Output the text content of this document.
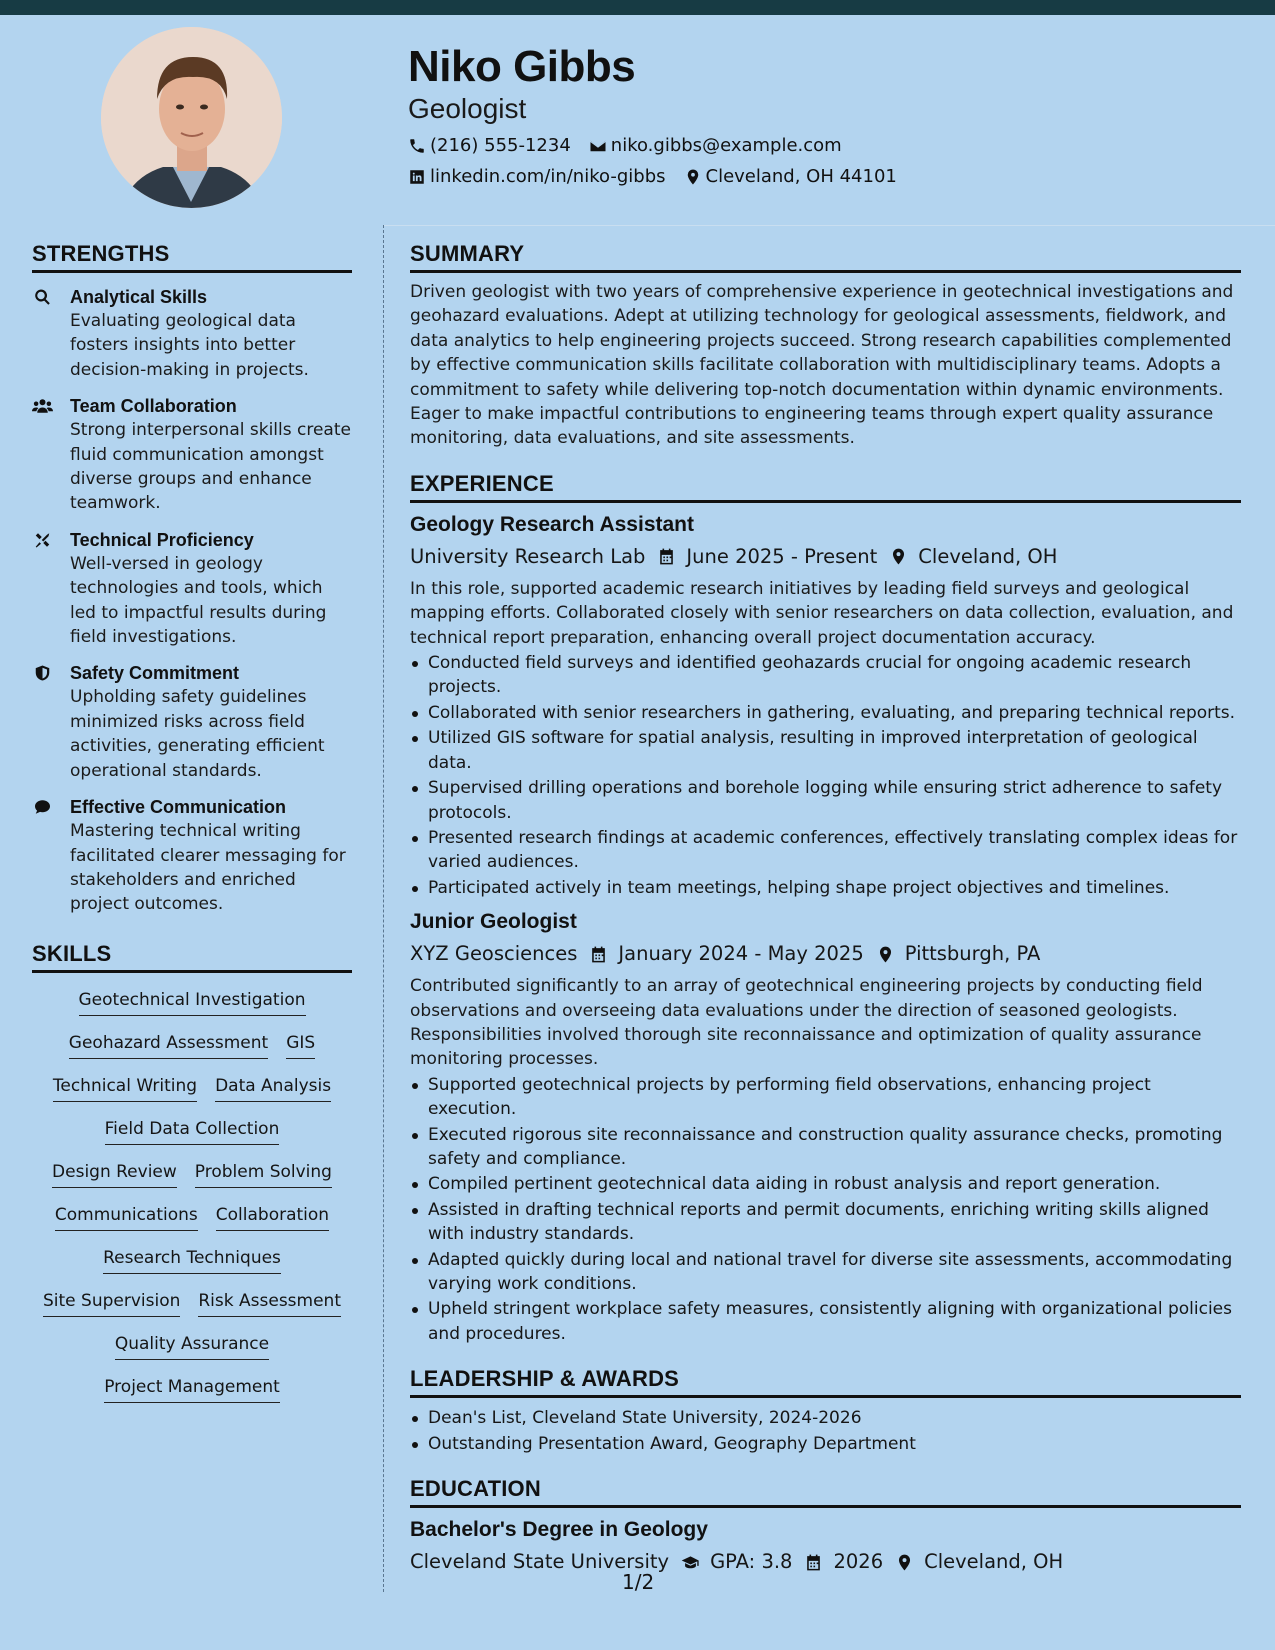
Niko Gibbs
Geologist
(216) 555-1234 niko.gibbs@example.com
linkedin.com/in/niko-gibbs Cleveland, OH 44101
STRENGTHS
Analytical Skills
Evaluating geological data fosters insights into better decision-making in projects.
Team Collaboration
Strong interpersonal skills create fluid communication amongst diverse groups and enhance teamwork.
Technical Proficiency
Well-versed in geology technologies and tools, which led to impactful results during field investigations.
Safety Commitment
Upholding safety guidelines minimized risks across field activities, generating efficient operational standards.
Effective Communication
Mastering technical writing facilitated clearer messaging for stakeholders and enriched project outcomes.
SKILLS
Geotechnical Investigation
Geohazard Assessment GIS
Technical Writing Data Analysis
Field Data Collection
Design Review Problem Solving
Communications Collaboration
Research Techniques
Site Supervision Risk Assessment
Quality Assurance
Project Management
SUMMARY
Driven geologist with two years of comprehensive experience in geotechnical investigations and geohazard evaluations. Adept at utilizing technology for geological assessments, fieldwork, and data analytics to help engineering projects succeed. Strong research capabilities complemented by effective communication skills facilitate collaboration with multidisciplinary teams. Adopts a commitment to safety while delivering top-notch documentation within dynamic environments. Eager to make impactful contributions to engineering teams through expert quality assurance monitoring, data evaluations, and site assessments.
EXPERIENCE
Geology Research Assistant
University Research Lab June 2025 - Present Cleveland, OH
In this role, supported academic research initiatives by leading field surveys and geological mapping efforts. Collaborated closely with senior researchers on data collection, evaluation, and technical report preparation, enhancing overall project documentation accuracy.
Conducted field surveys and identified geohazards crucial for ongoing academic research projects.
Collaborated with senior researchers in gathering, evaluating, and preparing technical reports.
Utilized GIS software for spatial analysis, resulting in improved interpretation of geological data.
Supervised drilling operations and borehole logging while ensuring strict adherence to safety protocols.
Presented research findings at academic conferences, effectively translating complex ideas for varied audiences.
Participated actively in team meetings, helping shape project objectives and timelines.
Junior Geologist
XYZ Geosciences January 2024 - May 2025 Pittsburgh, PA
Contributed significantly to an array of geotechnical engineering projects by conducting field observations and overseeing data evaluations under the direction of seasoned geologists. Responsibilities involved thorough site reconnaissance and optimization of quality assurance monitoring processes.
Supported geotechnical projects by performing field observations, enhancing project execution.
Executed rigorous site reconnaissance and construction quality assurance checks, promoting safety and compliance.
Compiled pertinent geotechnical data aiding in robust analysis and report generation.
Assisted in drafting technical reports and permit documents, enriching writing skills aligned with industry standards.
Adapted quickly during local and national travel for diverse site assessments, accommodating varying work conditions.
Upheld stringent workplace safety measures, consistently aligning with organizational policies and procedures.
LEADERSHIP & AWARDS
Dean's List, Cleveland State University, 2024-2026
Outstanding Presentation Award, Geography Department
EDUCATION
Bachelor's Degree in Geology
Cleveland State University GPA: 3.8 2026 Cleveland, OH
1/2
